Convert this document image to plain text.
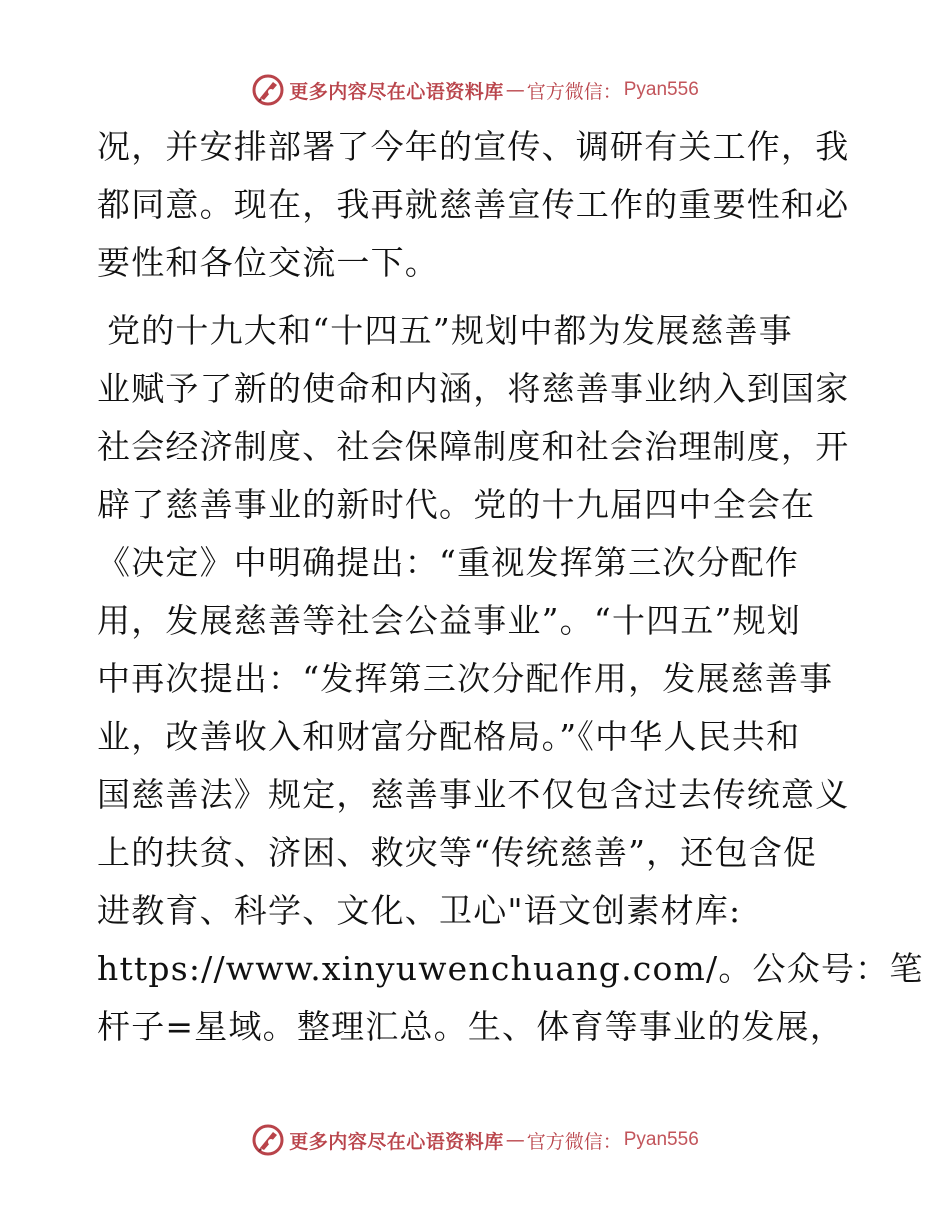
更多内容尽在心语资料库 — 官方微信： Pyan556
况，并安排部署了今年的宣传、调研有关工作，我
都同意。现在，我再就慈善宣传工作的重要性和必
要性和各位交流一下。
党的十九大和“十四五”规划中都为发展慈善事
业赋予了新的使命和内涵，将慈善事业纳入到国家
社会经济制度、社会保障制度和社会治理制度，开
辟了慈善事业的新时代。党的十九届四中全会在
《决定》中明确提出：“重视发挥第三次分配作
用，发展慈善等社会公益事业”。“十四五”规划
中再次提出：“发挥第三次分配作用，发展慈善事
业，改善收入和财富分配格局。”《中华人民共和
国慈善法》规定，慈善事业不仅包含过去传统意义
上的扶贫、济困、救灾等“传统慈善”，还包含促
进教育、科学、文化、卫心"语文创素材库:
https://www.xinyuwenchuang.com/。公众号：笔
杆子=星域。整理汇总。生、体育等事业的发展，
更多内容尽在心语资料库 — 官方微信： Pyan556
